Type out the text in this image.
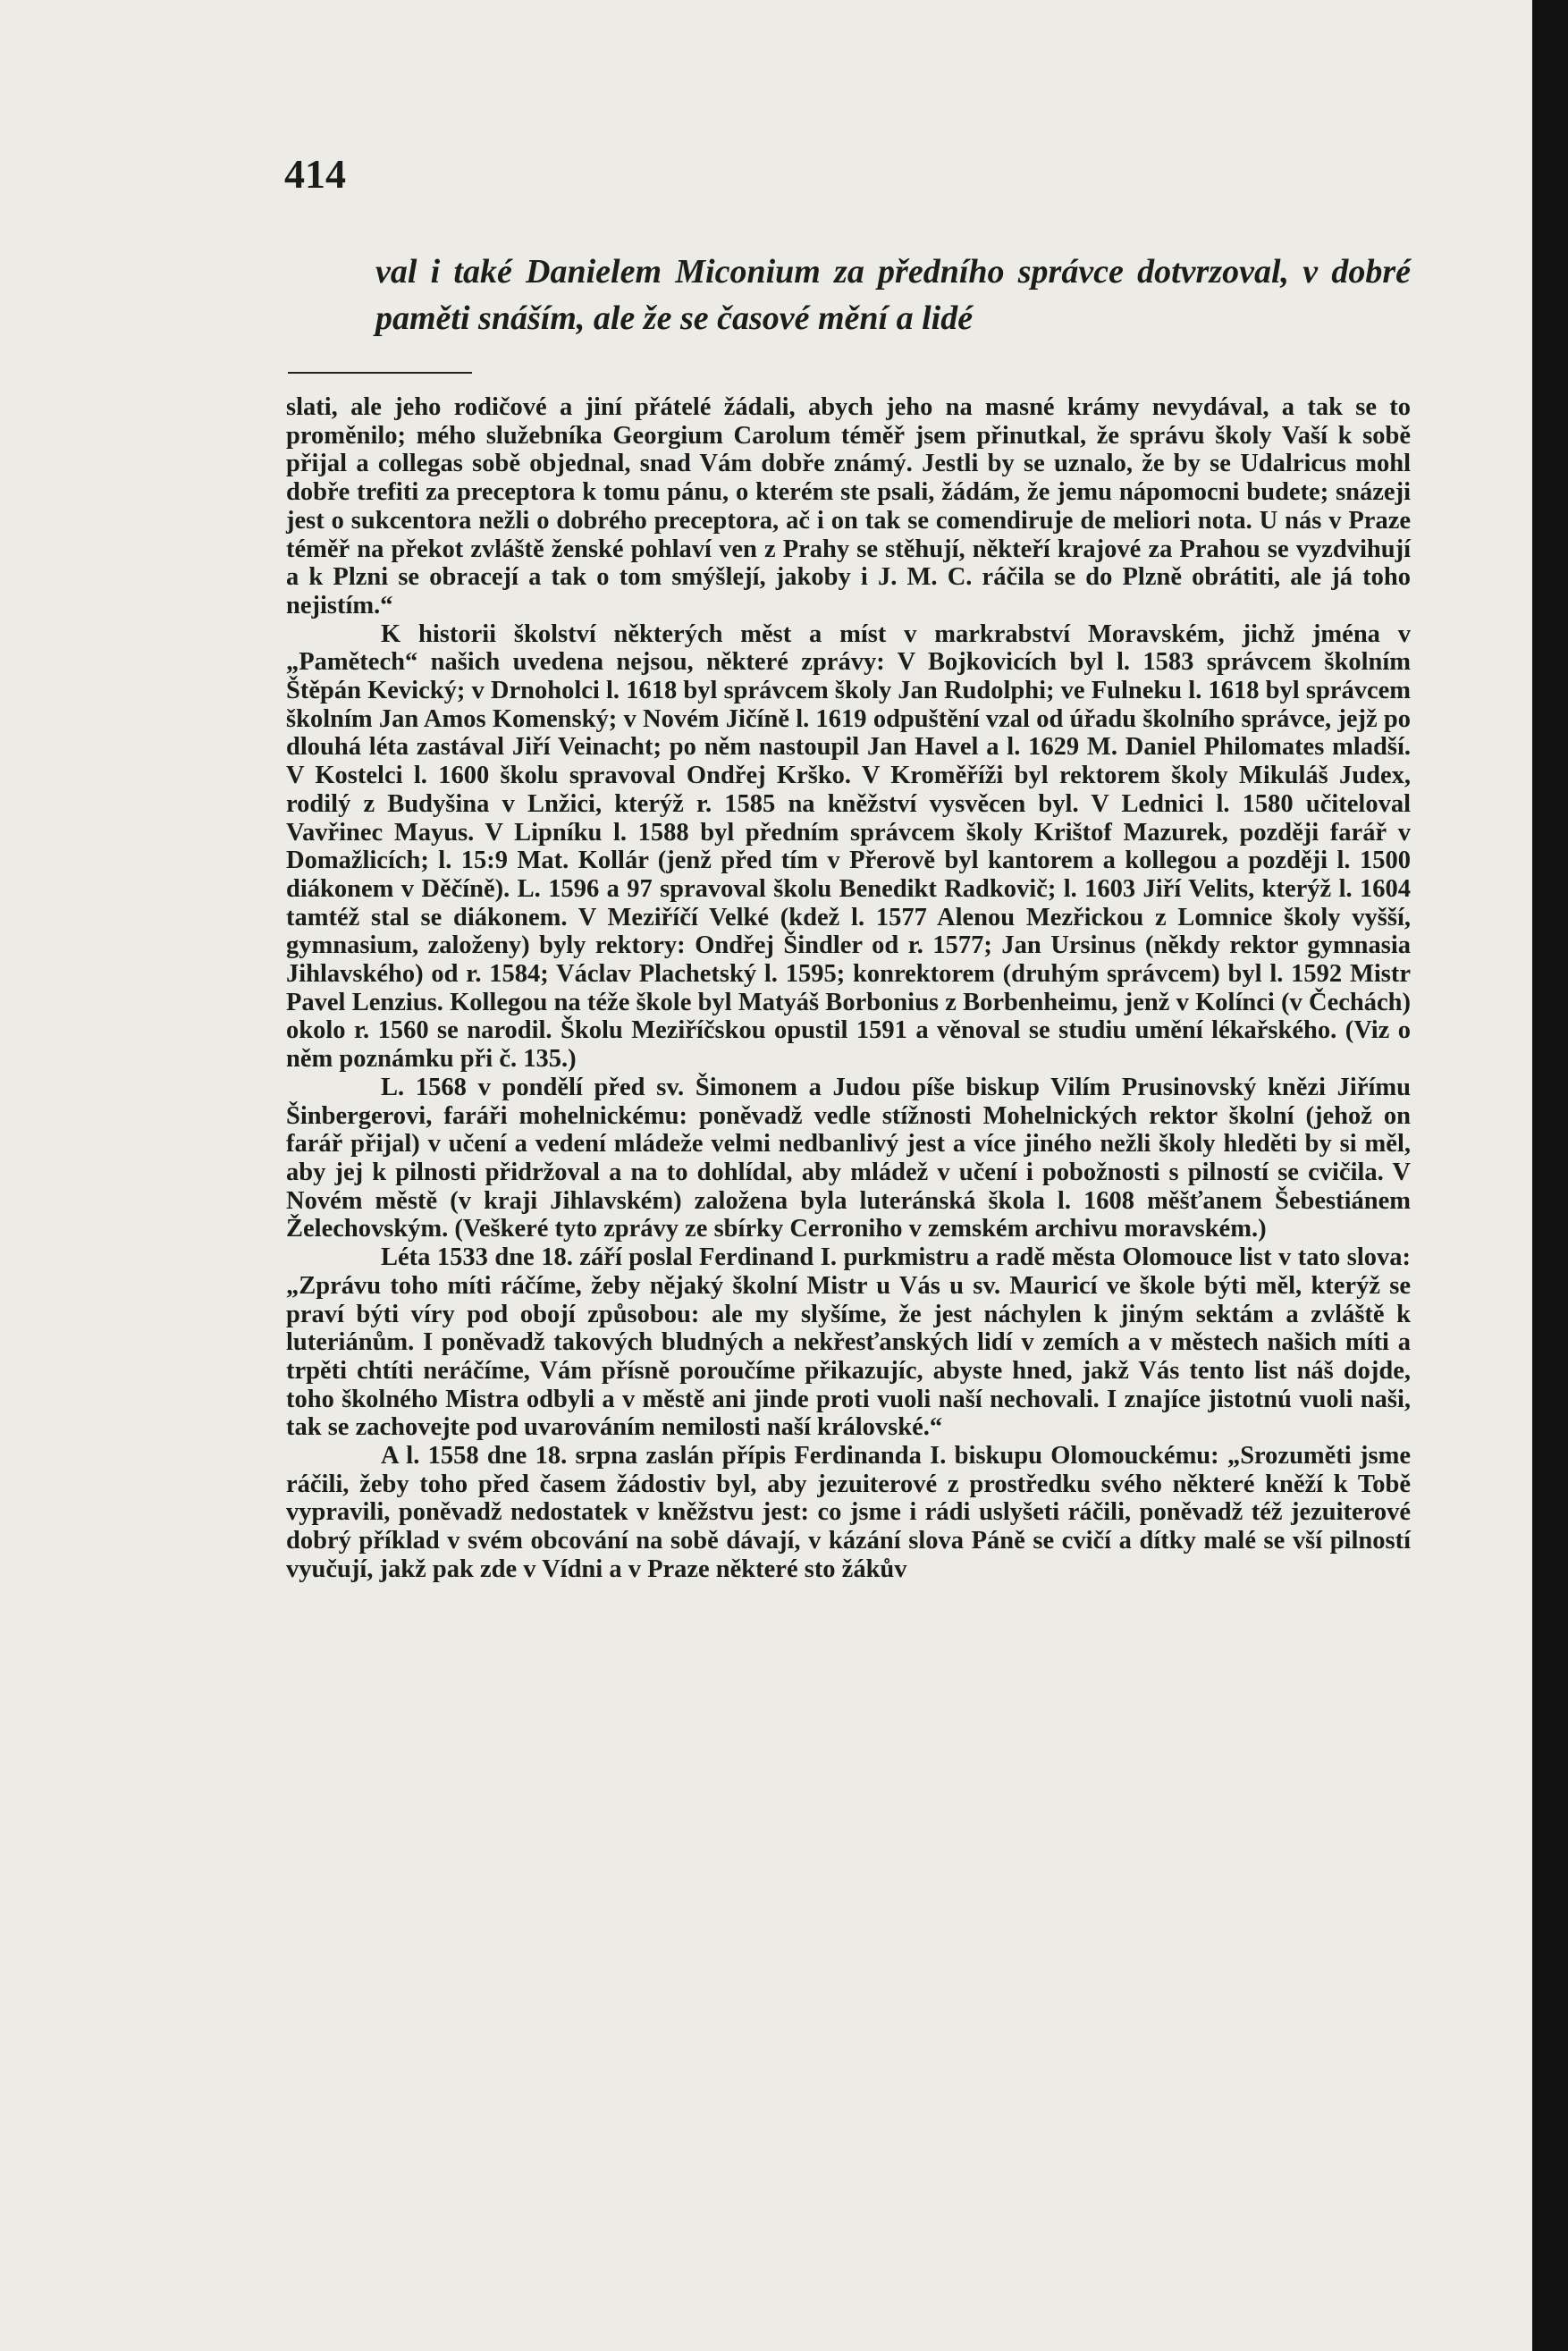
414
val i také Danielem Miconium za předního správce dotvrzoval, v dobré paměti snáším, ale že se časové mění a lidé

slati, ale jeho rodičové a jiní přátelé žádali, abych jeho na masné krámy nevydával, a tak se to proměnilo; mého služebníka Georgium Carolum téměř jsem přinutkal, že správu školy Vaší k sobě přijal a collegas sobě objednal, snad Vám dobře známý. Jestli by se uznalo, že by se Udalricus mohl dobře trefiti za preceptora k tomu pánu, o kterém ste psali, žádám, že jemu nápomocni budete; snázeji jest o sukcentora nežli o dobrého preceptora, ač i on tak se comendiruje de meliori nota. U nás v Praze téměř na překot zvláště ženské pohlaví ven z Prahy se stěhují, někteří krajové za Prahou se vyzdvihují a k Plzni se obracejí a tak o tom smýšlejí, jakoby i J. M. C. ráčila se do Plzně obrátiti, ale já toho nejistím.“

K historii školství některých měst a míst v markrabství Moravském, jichž jména v „Pamětech“ našich uvedena nejsou, některé zprávy: V Bojkovicích byl l. 1583 správcem školním Štěpán Kevický; v Drnoholci l. 1618 byl správcem školy Jan Rudolphi; ve Fulneku l. 1618 byl správcem školním Jan Amos Komenský; v Novém Jičíně l. 1619 odpuštění vzal od úřadu školního správce, jejž po dlouhá léta zastával Jiří Veinacht; po něm nastoupil Jan Havel a l. 1629 M. Daniel Philomates mladší. V Kostelci l. 1600 školu spravoval Ondřej Krško. V Kroměříži byl rektorem školy Mikuláš Judex, rodilý z Budyšina v Lnžici, kterýž r. 1585 na kněžství vysvěcen byl. V Lednici l. 1580 učiteloval Vavřinec Mayus. V Lipníku l. 1588 byl předním správcem školy Krištof Mazurek, později farář v Domažlicích; l. 15:9 Mat. Kollár (jenž před tím v Přerově byl kantorem a kollegou a později l. 1500 diákonem v Děčíně). L. 1596 a 97 spravoval školu Benedikt Radkovič; l. 1603 Jiří Velits, kterýž l. 1604 tamtéž stal se diákonem. V Meziříčí Velké (kdež l. 1577 Alenou Mezřickou z Lomnice školy vyšší, gymnasium, založeny) byly rektory: Ondřej Šindler od r. 1577; Jan Ursinus (někdy rektor gymnasia Jihlavského) od r. 1584; Václav Plachetský l. 1595; konrektorem (druhým správcem) byl l. 1592 Mistr Pavel Lenzius. Kollegou na téže škole byl Matyáš Borbonius z Borbenheimu, jenž v Kolínci (v Čechách) okolo r. 1560 se narodil. Školu Meziříčskou opustil 1591 a věnoval se studiu umění lékařského. (Viz o něm poznámku při č. 135.)

L. 1568 v pondělí před sv. Šimonem a Judou píše biskup Vilím Prusinovský knězi Jiřímu Šinbergerovi, faráři mohelnickému: poněvadž vedle stížnosti Mohelnických rektor školní (jehož on farář přijal) v učení a vedení mládeže velmi nedbanlivý jest a více jiného nežli školy hleděti by si měl, aby jej k pilnosti přidržoval a na to dohlídal, aby mládež v učení i pobožnosti s pilností se cvičila. V Novém městě (v kraji Jihlavském) založena byla luteránská škola l. 1608 měšťanem Šebestiánem Želechovským. (Veškeré tyto zprávy ze sbírky Cerroniho v zemském archivu moravském.)

Léta 1533 dne 18. září poslal Ferdinand I. purkmistru a radě města Olomouce list v tato slova: „Zprávu toho míti ráčíme, žeby nějaký školní Mistr u Vás u sv. Mauricí ve škole býti měl, kterýž se praví býti víry pod obojí způsobou: ale my slyšíme, že jest náchylen k jiným sektám a zvláště k luteriánům. I poněvadž takových bludných a nekřesťanských lidí v zemích a v městech našich míti a trpěti chtíti neráčíme, Vám přísně poroučíme přikazujíc, abyste hned, jakž Vás tento list náš dojde, toho školného Mistra odbyli a v městě ani jinde proti vuoli naší nechovali. I znajíce jistotnú vuoli naši, tak se zachovejte pod uvarováním nemilosti naší královské.“

A l. 1558 dne 18. srpna zaslán přípis Ferdinanda I. biskupu Olomouckému: „Srozuměti jsme ráčili, žeby toho před časem žádostiv byl, aby jezuiterové z prostředku svého některé kněží k Tobě vypravili, poněvadž nedostatek v kněžstvu jest: co jsme i rádi uslyšeti ráčili, poněvadž též jezuiterové dobrý příklad v svém obcování na sobě dávají, v kázání slova Páně se cvičí a dítky malé se vší pilností vyučují, jakž pak zde v Vídni a v Praze některé sto žákův
